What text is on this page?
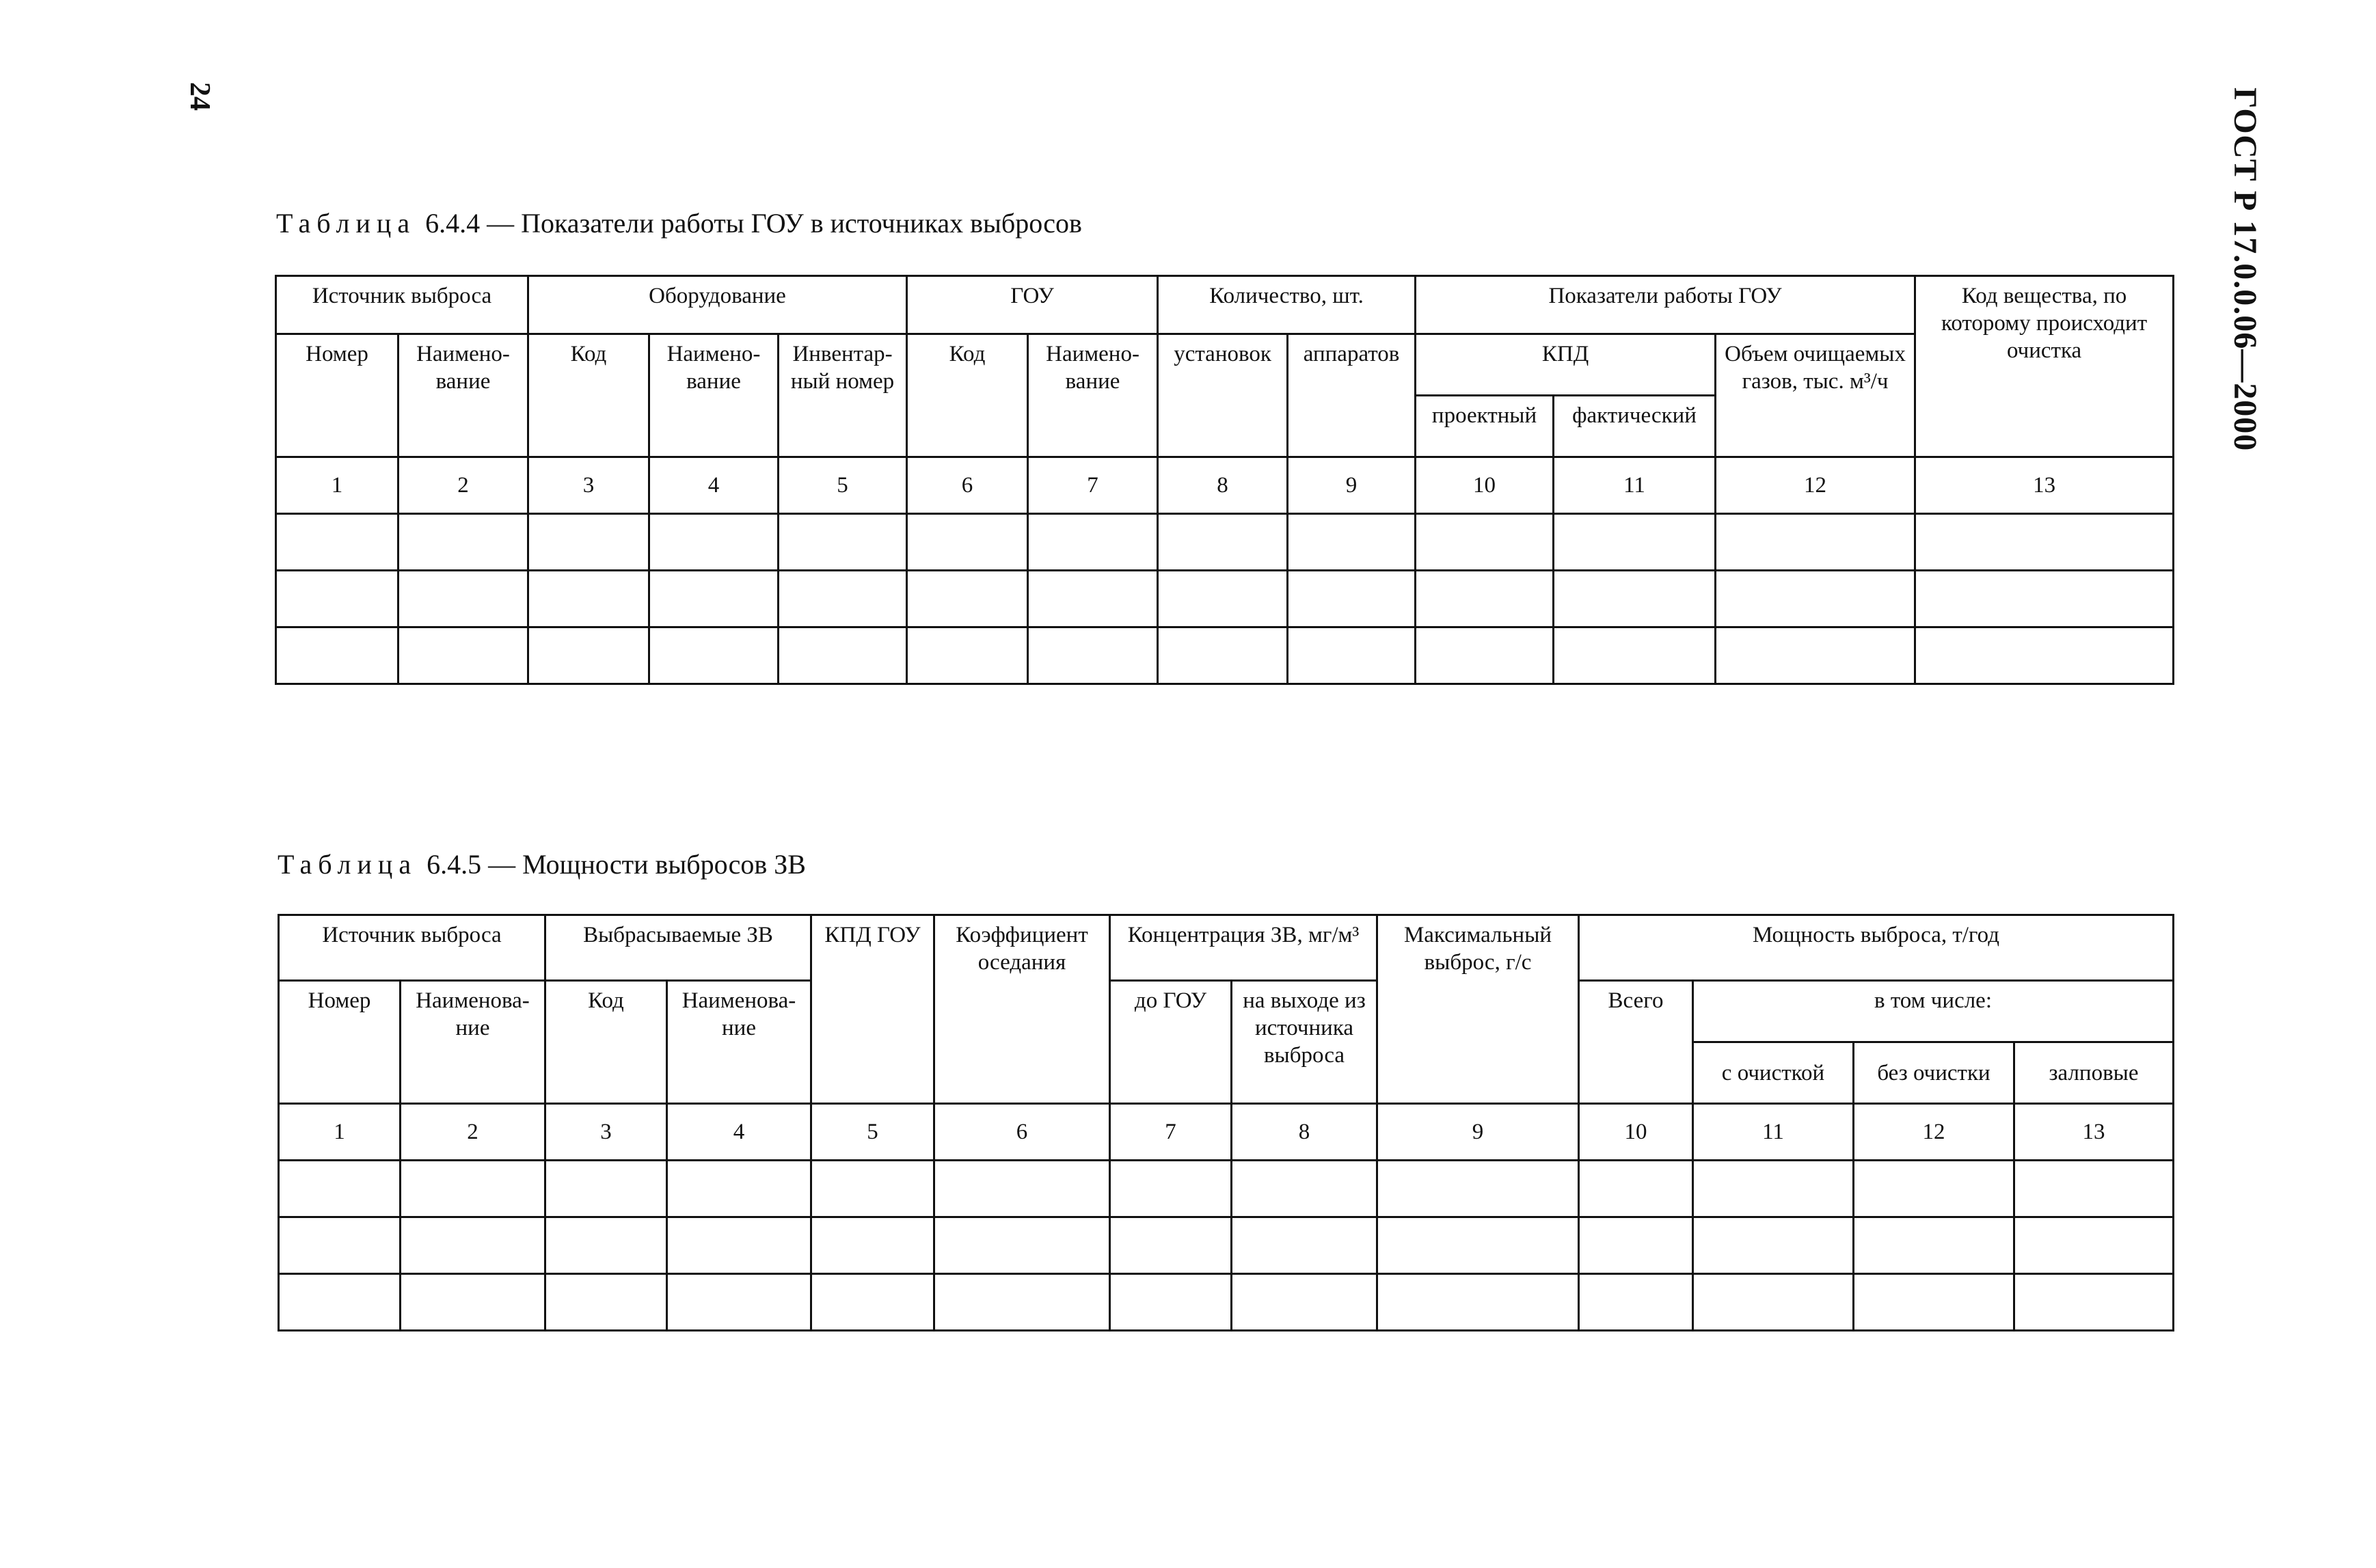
24	ГОСТ Р 17.0.0.06—2000
Таблица 6.4.4 — Показатели работы ГОУ в источниках выбросов
Источник выброса		Оборудование			ГОУ		Количество, шт.		Показатели работы ГОУ			Код вещества, по которому происходит очистка
Номер	Наимено-вание	Код	Наимено-вание	Инвентар-ный номер	Код	Наимено-вание	установок	аппаратов	КПД		Объем очищаемых газов, тыс. м³/ч	
									проектный	фактический		
1	2	3	4	5	6	7	8	9	10	11	12	13

Таблица 6.4.5 — Мощности выбросов ЗВ
Источник выброса		Выбрасываемые ЗВ		КПД ГОУ	Коэффициент оседания	Концентрация ЗВ, мг/м³		Максимальный выброс, г/с	Мощность выброса, т/год			
Номер	Наименова-ние	Код	Наименова-ние			до ГОУ	на выходе из источника выброса		Всего	в том числе:		
										с очисткой	без очистки	залповые
1	2	3	4	5	6	7	8	9	10	11	12	13
